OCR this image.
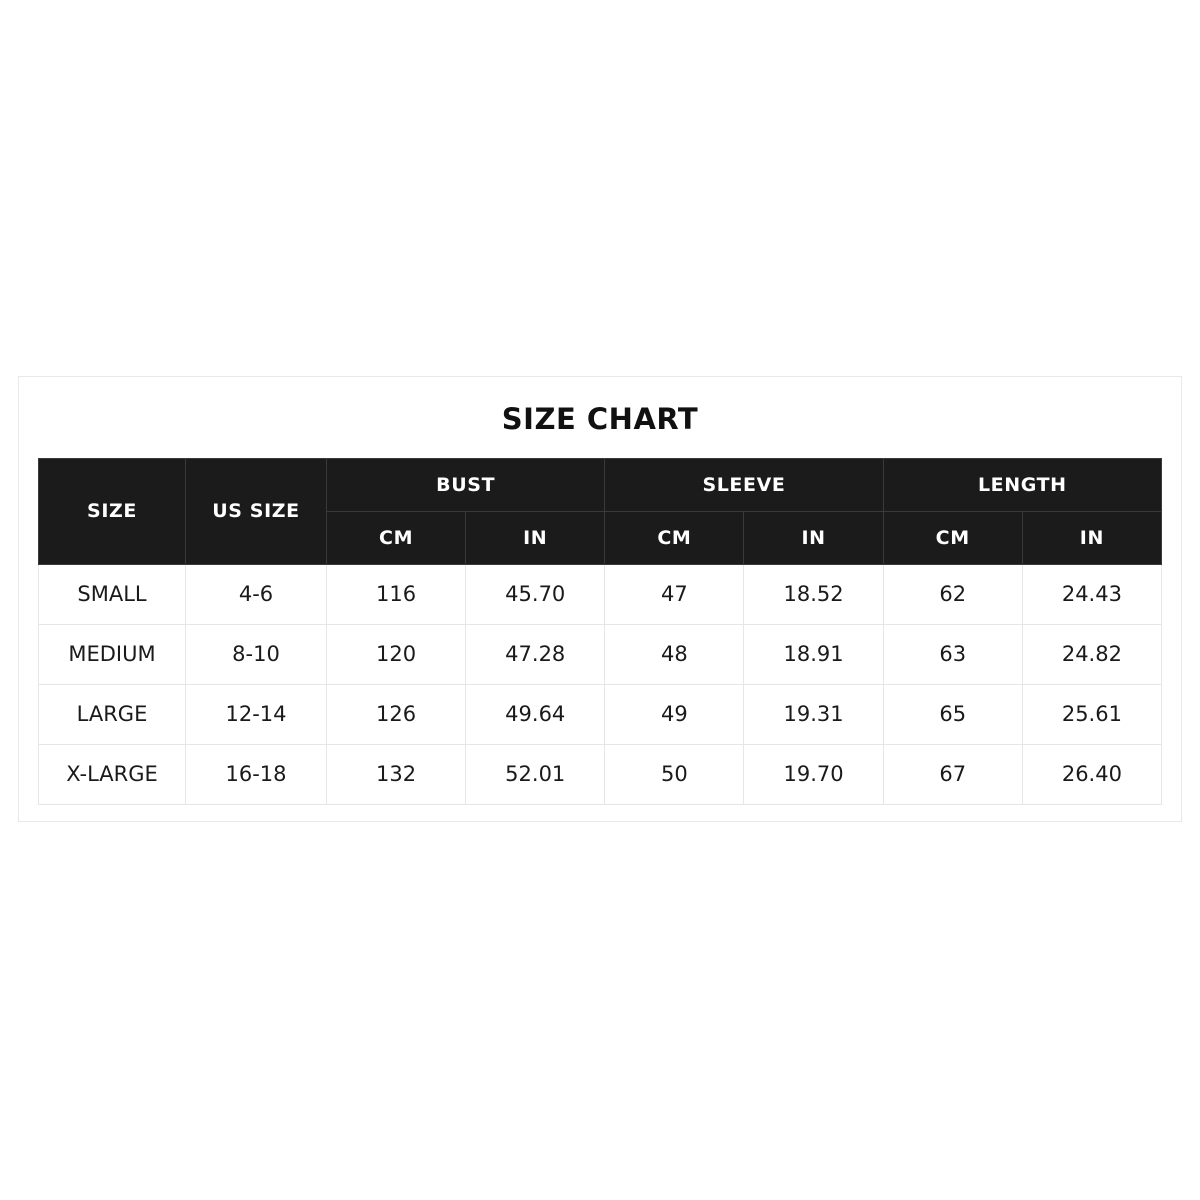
SIZE CHART
SIZE	US SIZE	BUST		SLEEVE		LENGTH	
		CM	IN	CM	IN	CM	IN
SMALL	4-6	116	45.70	47	18.52	62	24.43
MEDIUM	8-10	120	47.28	48	18.91	63	24.82
LARGE	12-14	126	49.64	49	19.31	65	25.61
X-LARGE	16-18	132	52.01	50	19.70	67	26.40
